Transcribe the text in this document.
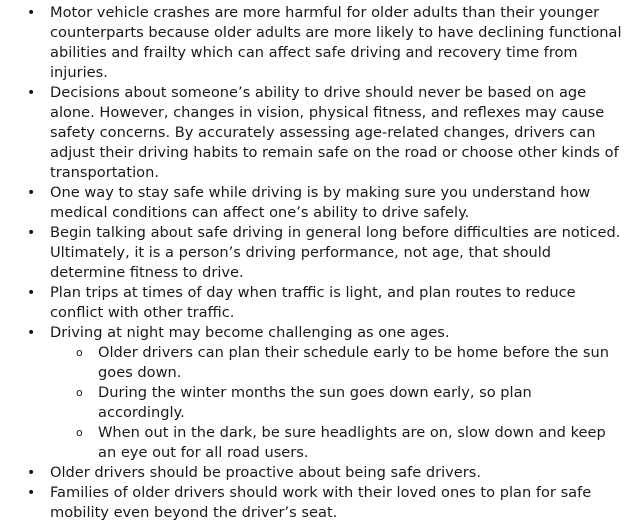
• Motor vehicle crashes are more harmful for older adults than their younger counterparts because older adults are more likely to have declining functional abilities and frailty which can affect safe driving and recovery time from injuries.
• Decisions about someone’s ability to drive should never be based on age alone. However, changes in vision, physical fitness, and reflexes may cause safety concerns. By accurately assessing age-related changes, drivers can adjust their driving habits to remain safe on the road or choose other kinds of transportation.
• One way to stay safe while driving is by making sure you understand how medical conditions can affect one’s ability to drive safely.
• Begin talking about safe driving in general long before difficulties are noticed. Ultimately, it is a person’s driving performance, not age, that should determine fitness to drive.
• Plan trips at times of day when traffic is light, and plan routes to reduce conflict with other traffic.
• Driving at night may become challenging as one ages.
o Older drivers can plan their schedule early to be home before the sun goes down.
o During the winter months the sun goes down early, so plan accordingly.
o When out in the dark, be sure headlights are on, slow down and keep an eye out for all road users.
• Older drivers should be proactive about being safe drivers.
• Families of older drivers should work with their loved ones to plan for safe mobility even beyond the driver’s seat.
